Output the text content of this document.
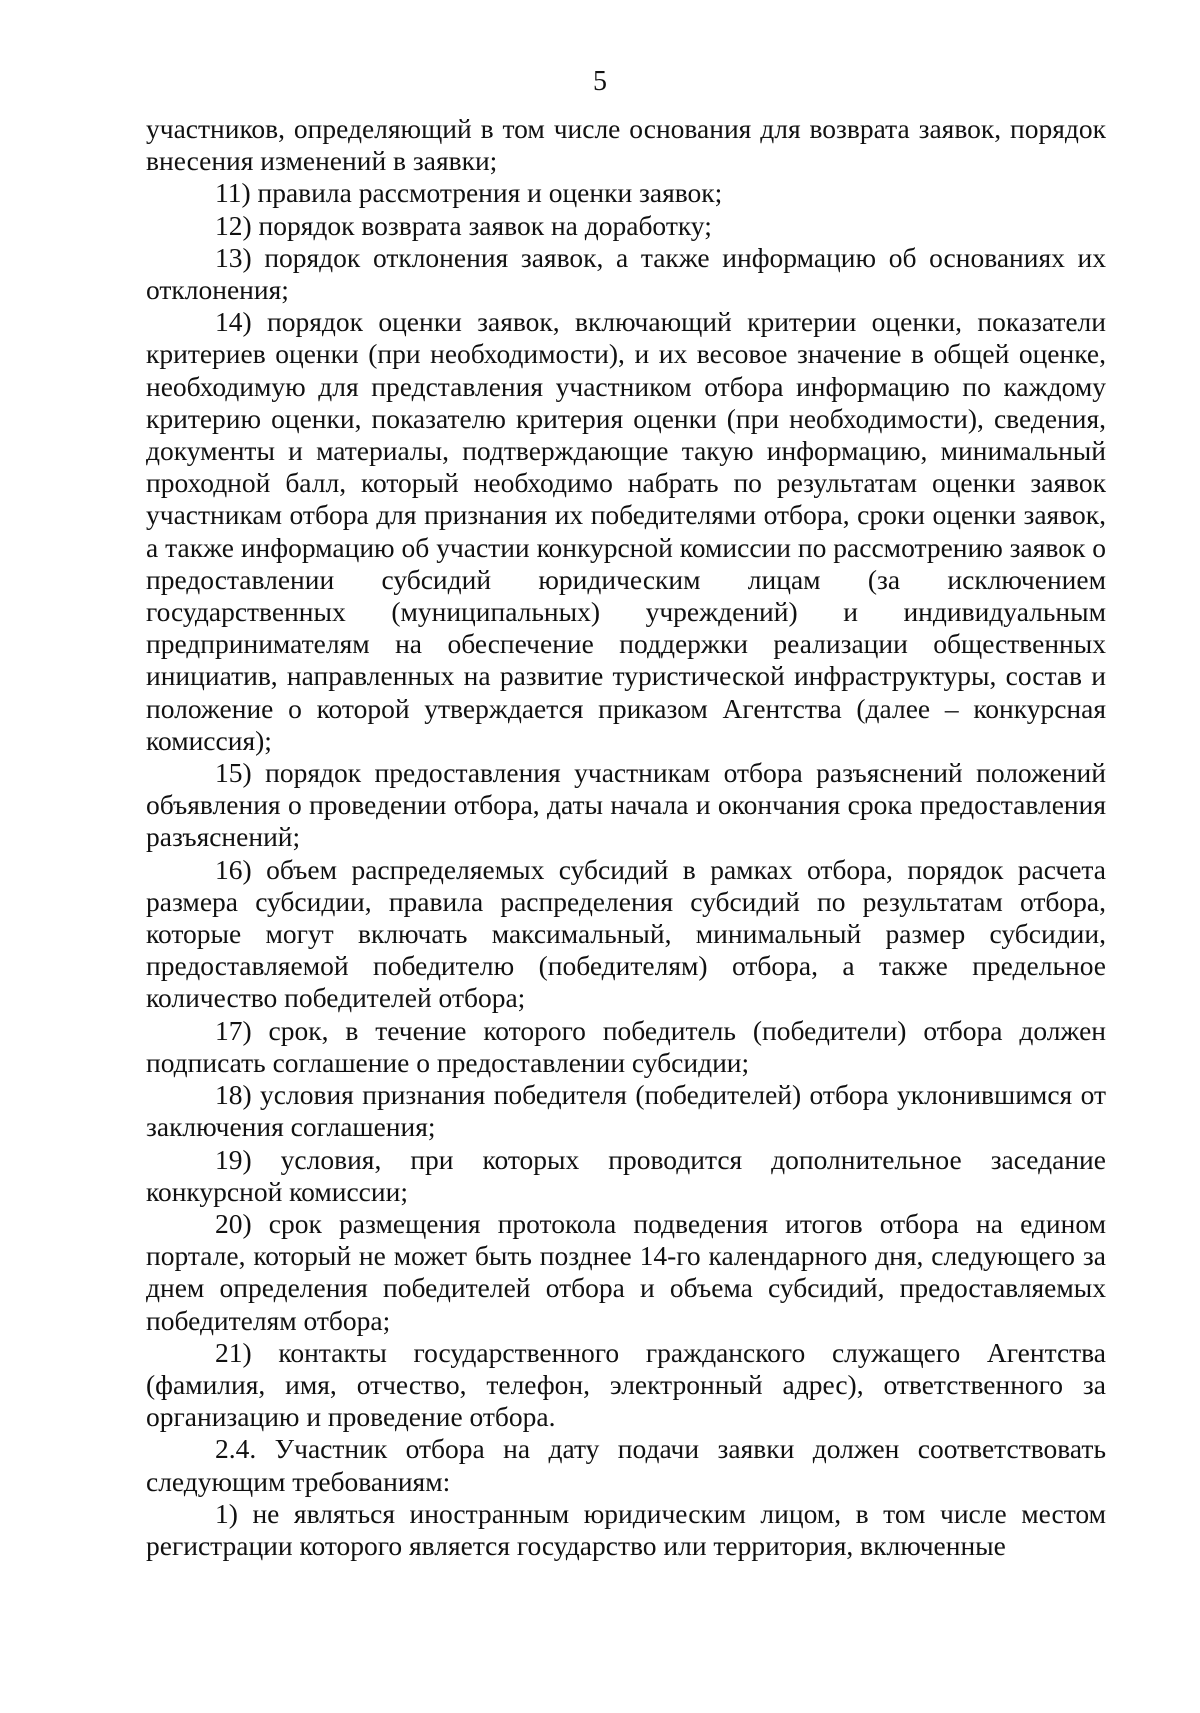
5

участников, определяющий в том числе основания для возврата заявок, порядок внесения изменений в заявки;

11) правила рассмотрения и оценки заявок;

12) порядок возврата заявок на доработку;

13) порядок отклонения заявок, а также информацию об основаниях их отклонения;

14) порядок оценки заявок, включающий критерии оценки, показатели критериев оценки (при необходимости), и их весовое значение в общей оценке, необходимую для представления участником отбора информацию по каждому критерию оценки, показателю критерия оценки (при необходимости), сведения, документы и материалы, подтверждающие такую информацию, минимальный проходной балл, который необходимо набрать по результатам оценки заявок участникам отбора для признания их победителями отбора, сроки оценки заявок, а также информацию об участии конкурсной комиссии по рассмотрению заявок о предоставлении субсидий юридическим лицам (за исключением государственных (муниципальных) учреждений) и индивидуальным предпринимателям на обеспечение поддержки реализации общественных инициатив, направленных на развитие туристической инфраструктуры, состав и положение о которой утверждается приказом Агентства (далее – конкурсная комиссия);

15) порядок предоставления участникам отбора разъяснений положений объявления о проведении отбора, даты начала и окончания срока предоставления разъяснений;

16) объем распределяемых субсидий в рамках отбора, порядок расчета размера субсидии, правила распределения субсидий по результатам отбора, которые могут включать максимальный, минимальный размер субсидии, предоставляемой победителю (победителям) отбора, а также предельное количество победителей отбора;

17) срок, в течение которого победитель (победители) отбора должен подписать соглашение о предоставлении субсидии;

18) условия признания победителя (победителей) отбора уклонившимся от заключения соглашения;

19) условия, при которых проводится дополнительное заседание конкурсной комиссии;

20) срок размещения протокола подведения итогов отбора на едином портале, который не может быть позднее 14-го календарного дня, следующего за днем определения победителей отбора и объема субсидий, предоставляемых победителям отбора;

21) контакты государственного гражданского служащего Агентства (фамилия, имя, отчество, телефон, электронный адрес), ответственного за организацию и проведение отбора.

2.4. Участник отбора на дату подачи заявки должен соответствовать следующим требованиям:

1) не являться иностранным юридическим лицом, в том числе местом регистрации которого является государство или территория, включенные
